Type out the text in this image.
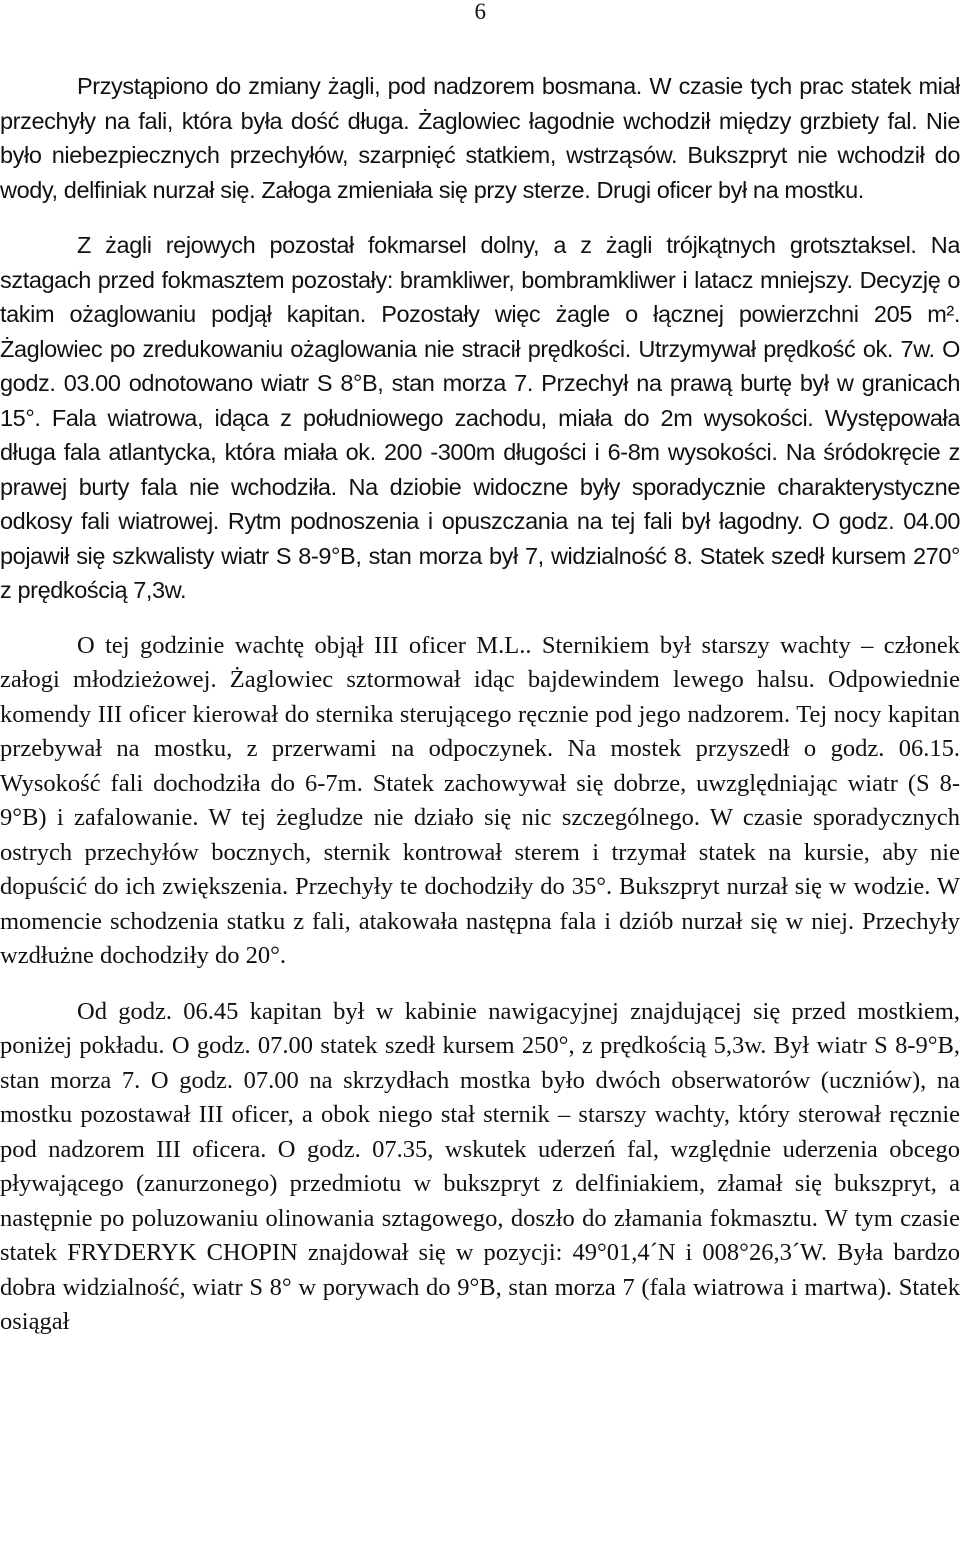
6

Przystąpiono do zmiany żagli, pod nadzorem bosmana. W czasie tych prac statek miał przechyły na fali, która była dość długa. Żaglowiec łagodnie wchodził między grzbiety fal. Nie było niebezpiecznych przechyłów, szarpnięć statkiem, wstrząsów. Bukszpryt nie wchodził do wody, delfiniak nurzał się. Załoga zmieniała się przy sterze. Drugi oficer był na mostku.

Z żagli rejowych pozostał fokmarsel dolny, a z żagli trójkątnych grotsztaksel. Na sztagach przed fokmasztem pozostały: bramkliwer, bombramkliwer i latacz mniejszy. Decyzję o takim ożaglowaniu podjął kapitan. Pozostały więc żagle o łącznej powierzchni 205 m². Żaglowiec po zredukowaniu ożaglowania nie stracił prędkości. Utrzymywał prędkość ok. 7w. O godz. 03.00 odnotowano wiatr S 8°B, stan morza 7. Przechył na prawą burtę był w granicach 15°. Fala wiatrowa, idąca z południowego zachodu, miała do 2m wysokości. Występowała długa fala atlantycka, która miała ok. 200 -300m długości i 6-8m wysokości. Na śródokręcie z prawej burty fala nie wchodziła. Na dziobie widoczne były sporadycznie charakterystyczne odkosy fali wiatrowej. Rytm podnoszenia i opuszczania na tej fali był łagodny. O godz. 04.00 pojawił się szkwalisty wiatr S 8-9°B, stan morza był 7, widzialność 8. Statek szedł kursem 270° z prędkością 7,3w.

O tej godzinie wachtę objął III oficer M.L.. Sternikiem był starszy wachty – członek załogi młodzieżowej. Żaglowiec sztormował idąc bajdewindem lewego halsu. Odpowiednie komendy III oficer kierował do sternika sterującego ręcznie pod jego nadzorem. Tej nocy kapitan przebywał na mostku, z przerwami na odpoczynek. Na mostek przyszedł o godz. 06.15. Wysokość fali dochodziła do 6-7m. Statek zachowywał się dobrze, uwzględniając wiatr (S 8-9°B) i zafalowanie. W tej żegludze nie działo się nic szczególnego. W czasie sporadycznych ostrych przechyłów bocznych, sternik kontrował sterem i trzymał statek na kursie, aby nie dopuścić do ich zwiększenia. Przechyły te dochodziły do 35°. Bukszpryt nurzał się w wodzie. W momencie schodzenia statku z fali, atakowała następna fala i dziób nurzał się w niej. Przechyły wzdłużne dochodziły do 20°.

Od godz. 06.45 kapitan był w kabinie nawigacyjnej znajdującej się przed mostkiem, poniżej pokładu. O godz. 07.00 statek szedł kursem 250°, z prędkością 5,3w. Był wiatr S 8-9°B, stan morza 7. O godz. 07.00 na skrzydłach mostka było dwóch obserwatorów (uczniów), na mostku pozostawał III oficer, a obok niego stał sternik – starszy wachty, który sterował ręcznie pod nadzorem III oficera. O godz. 07.35, wskutek uderzeń fal, względnie uderzenia obcego pływającego (zanurzonego) przedmiotu w bukszpryt z delfiniakiem, złamał się bukszpryt, a następnie po poluzowaniu olinowania sztagowego, doszło do złamania fokmasztu. W tym czasie statek FRYDERYK CHOPIN znajdował się w pozycji: 49°01,4´N i 008°26,3´W. Była bardzo dobra widzialność, wiatr S 8° w porywach do 9°B, stan morza 7 (fala wiatrowa i martwa). Statek osiągał
